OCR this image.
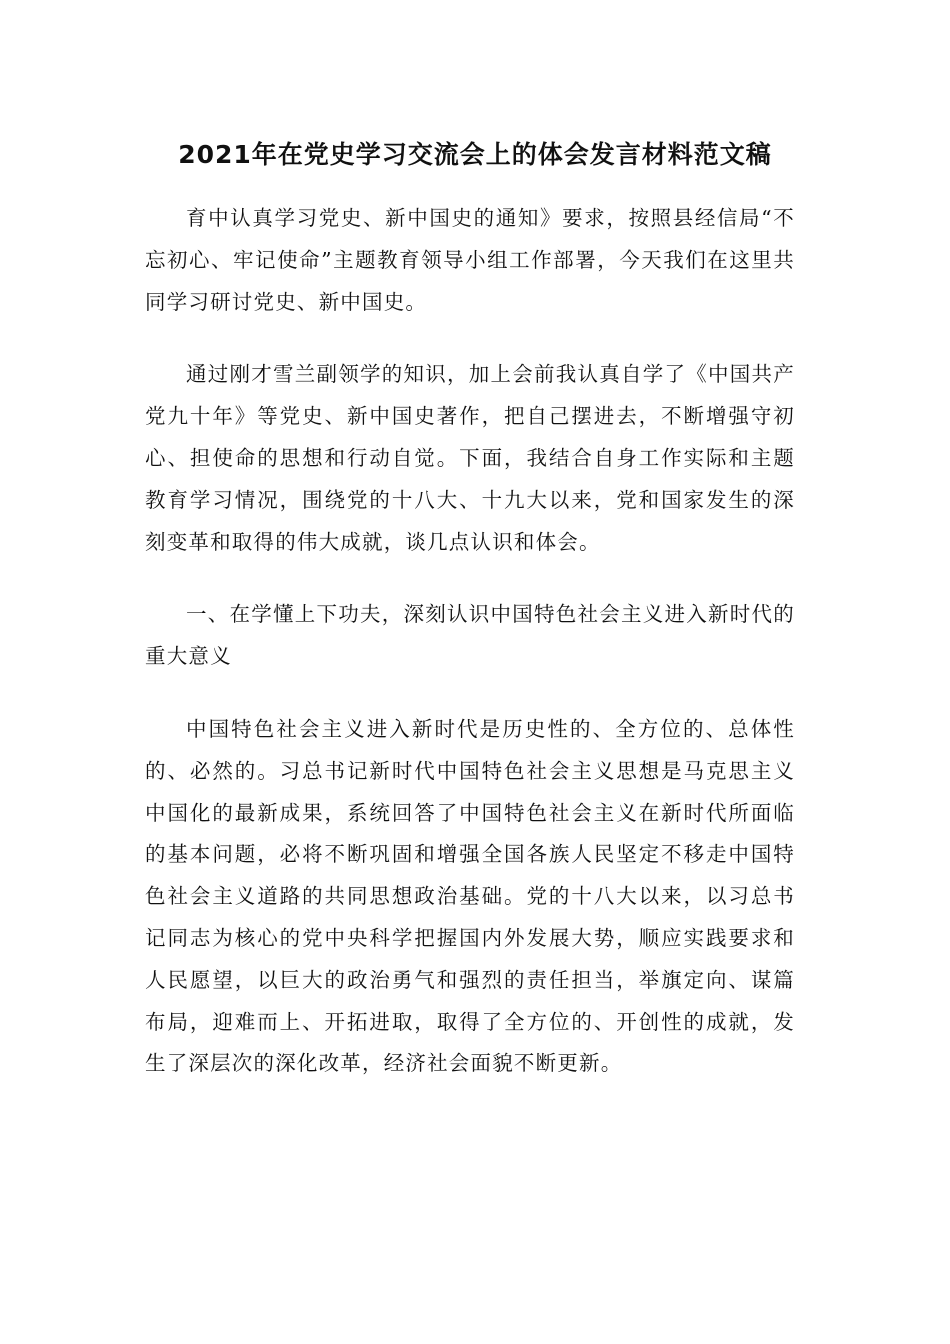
2021年在党史学习交流会上的体会发言材料范文稿

育中认真学习党史、新中国史的通知》要求，按照县经信局“不忘初心、牢记使命”主题教育领导小组工作部署，今天我们在这里共同学习研讨党史、新中国史。

通过刚才雪兰副领学的知识，加上会前我认真自学了《中国共产党九十年》等党史、新中国史著作，把自己摆进去，不断增强守初心、担使命的思想和行动自觉。下面，我结合自身工作实际和主题教育学习情况，围绕党的十八大、十九大以来，党和国家发生的深刻变革和取得的伟大成就，谈几点认识和体会。

一、在学懂上下功夫，深刻认识中国特色社会主义进入新时代的重大意义

中国特色社会主义进入新时代是历史性的、全方位的、总体性的、必然的。习总书记新时代中国特色社会主义思想是马克思主义中国化的最新成果，系统回答了中国特色社会主义在新时代所面临的基本问题，必将不断巩固和增强全国各族人民坚定不移走中国特色社会主义道路的共同思想政治基础。党的十八大以来，以习总书记同志为核心的党中央科学把握国内外发展大势，顺应实践要求和人民愿望，以巨大的政治勇气和强烈的责任担当，举旗定向、谋篇布局，迎难而上、开拓进取，取得了全方位的、开创性的成就，发生了深层次的深化改革，经济社会面貌不断更新。
